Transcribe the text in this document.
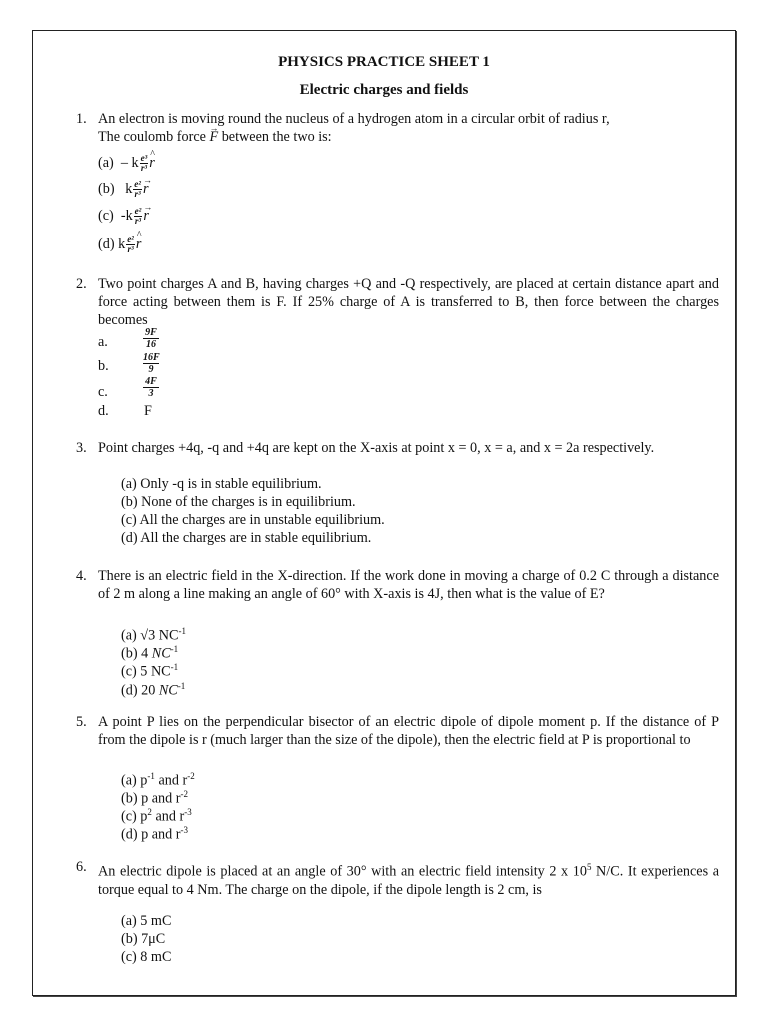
PHYSICS PRACTICE SHEET 1
Electric charges and fields
1. An electron is moving round the nucleus of a hydrogen atom in a circular orbit of radius r,
The coulomb force → F between the two is:
(a) – k $\frac{\text{e³}}{\text{r³}}$
^ r
(b) k $\frac{\text{e²}}{\text{r³}}$
→ r
(c) $-k \frac{\text{e²}}{\text{r³}}$
→ r
(d) k $\frac{\text{e²}}{\text{r³}}$
^ r
2. Two point charges A and B, having charges +Q and -Q respectively, are placed at certain distance apart and force acting between them is F. If 25% charge of A is transferred to B, then force between the charges becomes
a.
9F
16
b.
16F
9
c.
4F
3
d. F
3. Point charges +4q, -q and +4q are kept on the X-axis at point x = 0, x = a, and x = 2a respectively.
(a) Only -q is in stable equilibrium.
(b) None of the charges is in equilibrium.
(c) All the charges are in unstable equilibrium.
(d) All the charges are in stable equilibrium.
4. There is an electric field in the X-direction. If the work done in moving a charge of 0.2 C through a distance of 2 m along a line making an angle of 60° with X-axis is 4J, then what is the value of E?
(a) √3 $NC^{-1}$
(b) 4 $NC^{-1}$
(c) 5 $NC^{-1}$
(d) 20 $NC^{-1}$
5. A point P lies on the perpendicular bisector of an electric dipole of dipole moment p. If the distance of P from the dipole is r (much larger than the size of the dipole), then the electric field at P is proportional to
(a) $p^{-1}$ and $r^{-2}$
(b) p and $r^{-2}$
(c) $p^2$ and $r^{-3}$
(d) p and $r^{-3}$
6. An electric dipole is placed at an angle of 30° with an electric field intensity 2 x $10^5$ N/C. It experiences a torque equal to 4 Nm. The charge on the dipole, if the dipole length is 2 cm, is
(a) 5 mC
(b) 7μC
(c) 8 mC
